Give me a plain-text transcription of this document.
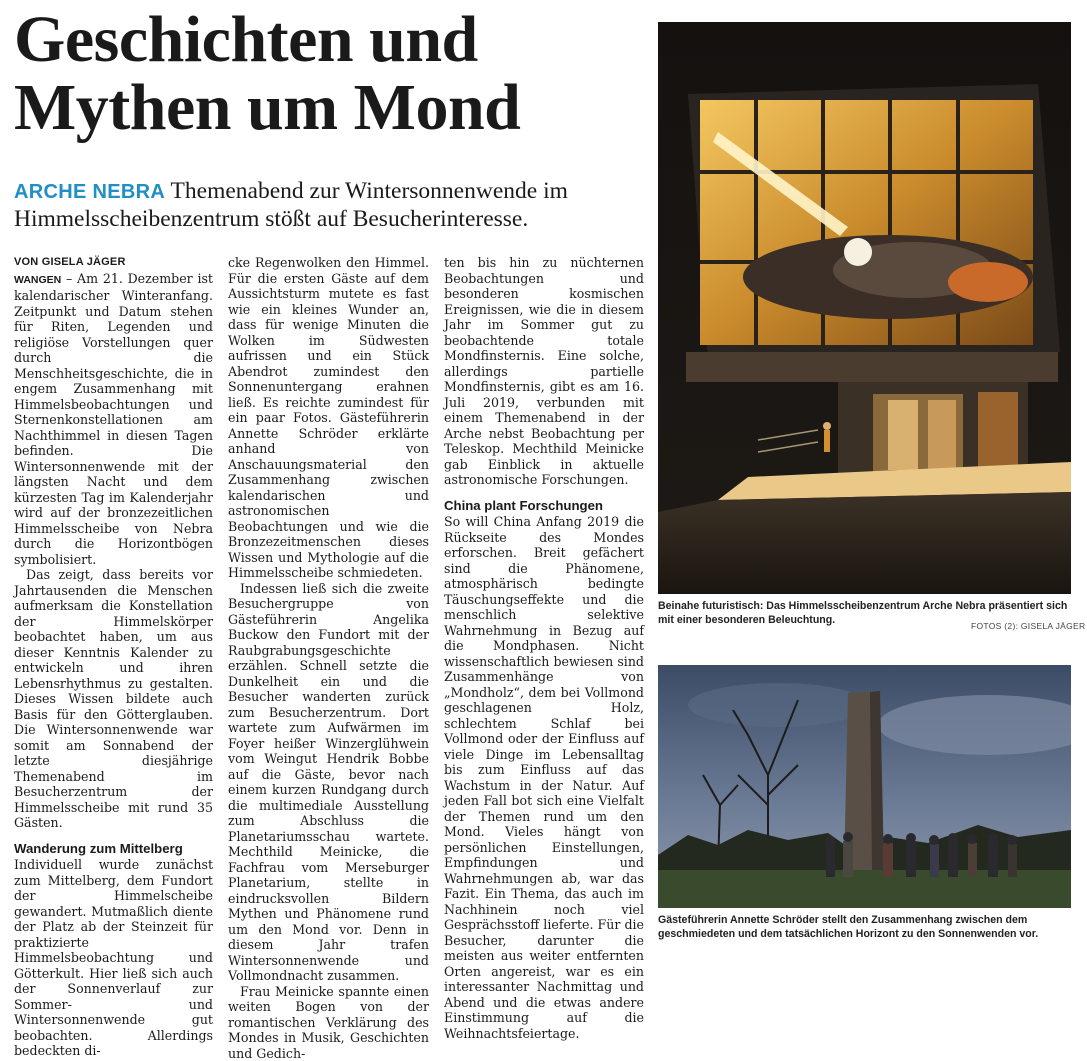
Geschichten und
Mythen um Mond
ARCHE NEBRA Themenabend zur Wintersonnenwende im Himmelsscheibenzentrum stößt auf Besucherinteresse.

VON GISELA JÄGER

WANGEN – Am 21. Dezember ist kalendarischer Winteranfang. Zeitpunkt und Datum stehen für Riten, Legenden und religiöse Vorstellungen quer durch die Menschheitsgeschichte, die in engem Zusammenhang mit Himmelsbeobachtungen und Sternenkonstellationen am Nachthimmel in diesen Tagen befinden. Die Wintersonnenwende mit der längsten Nacht und dem kürzesten Tag im Kalenderjahr wird auf der bronzezeitlichen Himmelsscheibe von Nebra durch die Horizontbögen symbolisiert.

Das zeigt, dass bereits vor Jahrtausenden die Menschen aufmerksam die Konstellation der Himmelskörper beobachtet haben, um aus dieser Kenntnis Kalender zu entwickeln und ihren Lebensrhythmus zu gestalten. Dieses Wissen bildete auch Basis für den Götterglauben. Die Wintersonnenwende war somit am Sonnabend der letzte diesjährige Themenabend im Besucherzentrum der Himmelsscheibe mit rund 35 Gästen.

Wanderung zum Mittelberg

Individuell wurde zunächst zum Mittelberg, dem Fundort der Himmelscheibe gewandert. Mutmaßlich diente der Platz ab der Steinzeit für praktizierte Himmelsbeobachtung und Götterkult. Hier ließ sich auch der Sonnenverlauf zur Sommer- und Wintersonnenwende gut beobachten. Allerdings bedeckten di-

cke Regenwolken den Himmel. Für die ersten Gäste auf dem Aussichtsturm mutete es fast wie ein kleines Wunder an, dass für wenige Minuten die Wolken im Südwesten aufrissen und ein Stück Abendrot zumindest den Sonnenuntergang erahnen ließ. Es reichte zumindest für ein paar Fotos. Gästeführerin Annette Schröder erklärte anhand von Anschauungsmaterial den Zusammenhang zwischen kalendarischen und astronomischen Beobachtungen und wie die Bronzezeitmenschen dieses Wissen und Mythologie auf die Himmelsscheibe schmiedeten.

Indessen ließ sich die zweite Besuchergruppe von Gästeführerin Angelika Buckow den Fundort mit der Raubgrabungsgeschichte erzählen. Schnell setzte die Dunkelheit ein und die Besucher wanderten zurück zum Besucherzentrum. Dort wartete zum Aufwärmen im Foyer heißer Winzerglühwein vom Weingut Hendrik Bobbe auf die Gäste, bevor nach einem kurzen Rundgang durch die multimediale Ausstellung zum Abschluss die Planetariumsschau wartete. Mechthild Meinicke, die Fachfrau vom Merseburger Planetarium, stellte in eindrucksvollen Bildern Mythen und Phänomene rund um den Mond vor. Denn in diesem Jahr trafen Wintersonnenwende und Vollmondnacht zusammen.

Frau Meinicke spannte einen weiten Bogen von der romantischen Verklärung des Mondes in Musik, Geschichten und Gedich-

ten bis hin zu nüchternen Beobachtungen und besonderen kosmischen Ereignissen, wie die in diesem Jahr im Sommer gut zu beobachtende totale Mondfinsternis. Eine solche, allerdings partielle Mondfinsternis, gibt es am 16. Juli 2019, verbunden mit einem Themenabend in der Arche nebst Beobachtung per Teleskop. Mechthild Meinicke gab Einblick in aktuelle astronomische Forschungen.

China plant Forschungen

So will China Anfang 2019 die Rückseite des Mondes erforschen. Breit gefächert sind die Phänomene, atmosphärisch bedingte Täuschungseffekte und die menschlich selektive Wahrnehmung in Bezug auf die Mondphasen. Nicht wissenschaftlich bewiesen sind Zusammenhänge von „Mondholz“, dem bei Vollmond geschlagenen Holz, schlechtem Schlaf bei Vollmond oder der Einfluss auf viele Dinge im Lebensalltag bis zum Einfluss auf das Wachstum in der Natur. Auf jeden Fall bot sich eine Vielfalt der Themen rund um den Mond. Vieles hängt von persönlichen Einstellungen, Empfindungen und Wahrnehmungen ab, war das Fazit. Ein Thema, das auch im Nachhinein noch viel Gesprächsstoff lieferte. Für die Besucher, darunter die meisten aus weiter entfernten Orten angereist, war es ein interessanter Nachmittag und Abend und die etwas andere Einstimmung auf die Weihnachtsfeiertage.

Beinahe futuristisch: Das Himmelsscheibenzentrum Arche Nebra präsentiert sich mit einer besonderen Beleuchtung.	FOTOS (2): GISELA JÄGER
Gästeführerin Annette Schröder stellt den Zusammenhang zwischen dem geschmiedeten und dem tatsächlichen Horizont zu den Sonnenwenden vor.
